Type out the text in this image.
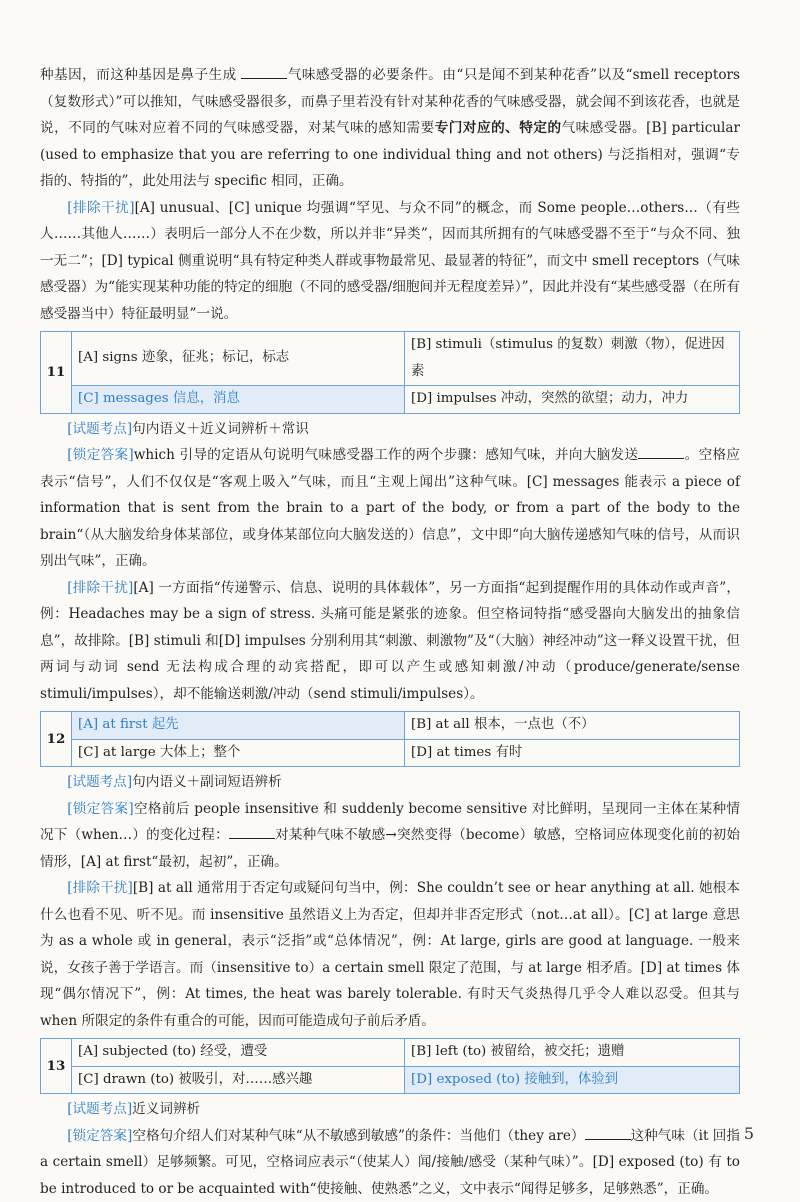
种基因，而这种基因是鼻子生成	气味感受器的必要条件。由“只是闻不到某种花香”以及“smell receptors（复数形式）”可以推知，气味感受器很多，而鼻子里若没有针对某种花香的气味感受器，就会闻不到该花香，也就是说，不同的气味对应着不同的气味感受器，对某气味的感知需要专门对应的、特定的气味感受器。[B] particular (used to emphasize that you are referring to one individual thing and not others) 与泛指相对，强调“专指的、特指的”，此处用法与 specific 相同，正确。

[排除干扰][A] unusual、[C] unique 均强调“罕见、与众不同”的概念，而 Some people…others…（有些人……其他人……）表明后一部分人不在少数，所以并非“异类”，因而其所拥有的气味感受器不至于“与众不同、独一无二”；[D] typical 侧重说明“具有特定种类人群或事物最常见、最显著的特征”，而文中 smell receptors（气味感受器）为“能实现某种功能的特定的细胞（不同的感受器/细胞间并无程度差异）”，因此并没有“某些感受器（在所有感受器当中）特征最明显”一说。

11	[A] signs 迹象，征兆；标记，标志	[B] stimuli（stimulus 的复数）刺激（物），促进因素
	[C] messages 信息，消息	[D] impulses 冲动，突然的欲望；动力，冲力

[试题考点]句内语义＋近义词辨析＋常识

[锁定答案]which 引导的定语从句说明气味感受器工作的两个步骤：感知气味，并向大脑发送	。空格应表示“信号”，人们不仅仅是“客观上吸入”气味，而且“主观上闻出”这种气味。[C] messages 能表示 a piece of information that is sent from the brain to a part of the body, or from a part of the body to the brain“（从大脑发给身体某部位，或身体某部位向大脑发送的）信息”，文中即“向大脑传递感知气味的信号，从而识别出气味”，正确。

[排除干扰][A] 一方面指“传递警示、信息、说明的具体载体”，另一方面指“起到提醒作用的具体动作或声音”，例：Headaches may be a sign of stress. 头痛可能是紧张的迹象。但空格词特指“感受器向大脑发出的抽象信息”，故排除。[B] stimuli 和[D] impulses 分别利用其“刺激、刺激物”及“（大脑）神经冲动”这一释义设置干扰，但两词与动词 send 无法构成合理的动宾搭配，即可以产生或感知刺激/冲动（produce/generate/sense stimuli/impulses），却不能输送刺激/冲动（send stimuli/impulses）。

12	[A] at first 起先	[B] at all 根本，一点也（不）
	[C] at large 大体上；整个	[D] at times 有时

[试题考点]句内语义＋副词短语辨析

[锁定答案]空格前后 people insensitive 和 suddenly become sensitive 对比鲜明，呈现同一主体在某种情况下（when…）的变化过程：	对某种气味不敏感→突然变得（become）敏感，空格词应体现变化前的初始情形，[A] at first“最初，起初”，正确。

[排除干扰][B] at all 通常用于否定句或疑问句当中，例：She couldn’t see or hear anything at all. 她根本什么也看不见、听不见。而 insensitive 虽然语义上为否定，但却并非否定形式（not…at all）。[C] at large 意思为 as a whole 或 in general，表示“泛指”或“总体情况”，例：At large, girls are good at language. 一般来说，女孩子善于学语言。而（insensitive to）a certain smell 限定了范围，与 at large 相矛盾。[D] at times 体现“偶尔情况下”，例：At times, the heat was barely tolerable. 有时天气炎热得几乎令人难以忍受。但其与 when 所限定的条件有重合的可能，因而可能造成句子前后矛盾。

13	[A] subjected (to) 经受，遭受	[B] left (to) 被留给，被交托；遗赠
	[C] drawn (to) 被吸引，对……感兴趣	[D] exposed (to) 接触到，体验到

[试题考点]近义词辨析

[锁定答案]空格句介绍人们对某种气味“从不敏感到敏感”的条件：当他们（they are）	这种气味（it 回指 a certain smell）足够频繁。可见，空格词应表示“（使某人）闻/接触/感受（某种气味）”。[D] exposed (to) 有 to be introduced to or be acquainted with“使接触、使熟悉”之义，文中表示“闻得足够多，足够熟悉”，正确。

5
